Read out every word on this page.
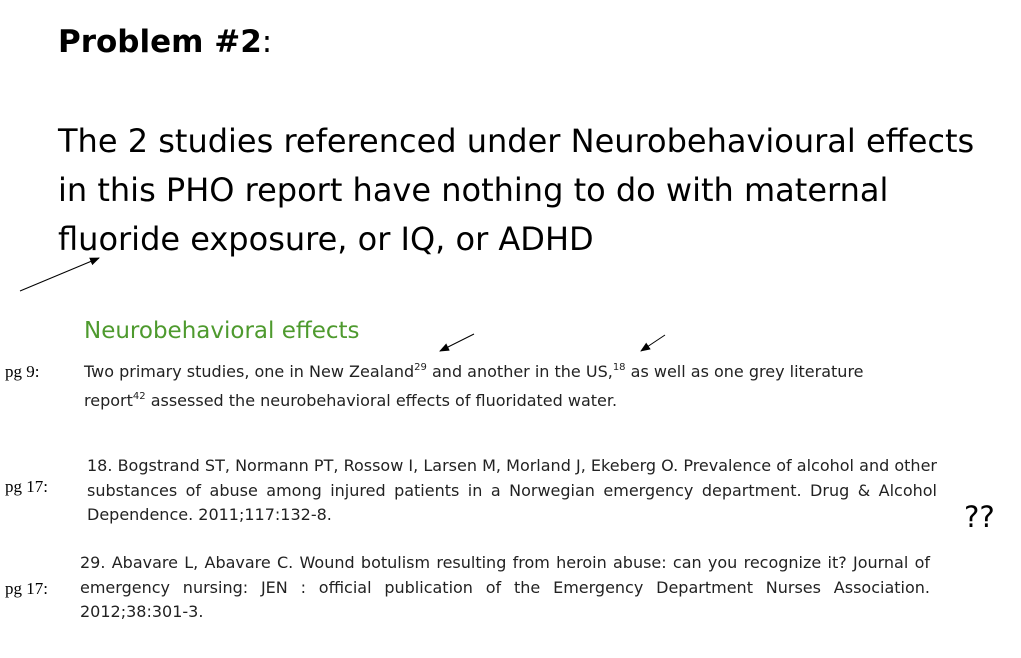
Problem #2:
The 2 studies referenced under Neurobehavioural effects
in this PHO report have nothing to do with maternal
fluoride exposure, or IQ, or ADHD
pg 9:
Neurobehavioral effects
Two primary studies, one in New Zealand$^{29}$ and another in the US,$^{18}$ as well as one grey literature
report$^{42}$ assessed the neurobehavioral effects of fluoridated water.
pg 17:
18. Bogstrand ST, Normann PT, Rossow I, Larsen M, Morland J, Ekeberg O. Prevalence of alcohol and other substances of abuse among injured patients in a Norwegian emergency department. Drug & Alcohol Dependence. 2011;117:132-8.
pg 17:
29. Abavare L, Abavare C. Wound botulism resulting from heroin abuse: can you recognize it? Journal of emergency nursing: JEN : official publication of the Emergency Department Nurses Association. 2012;38:301-3.
??
